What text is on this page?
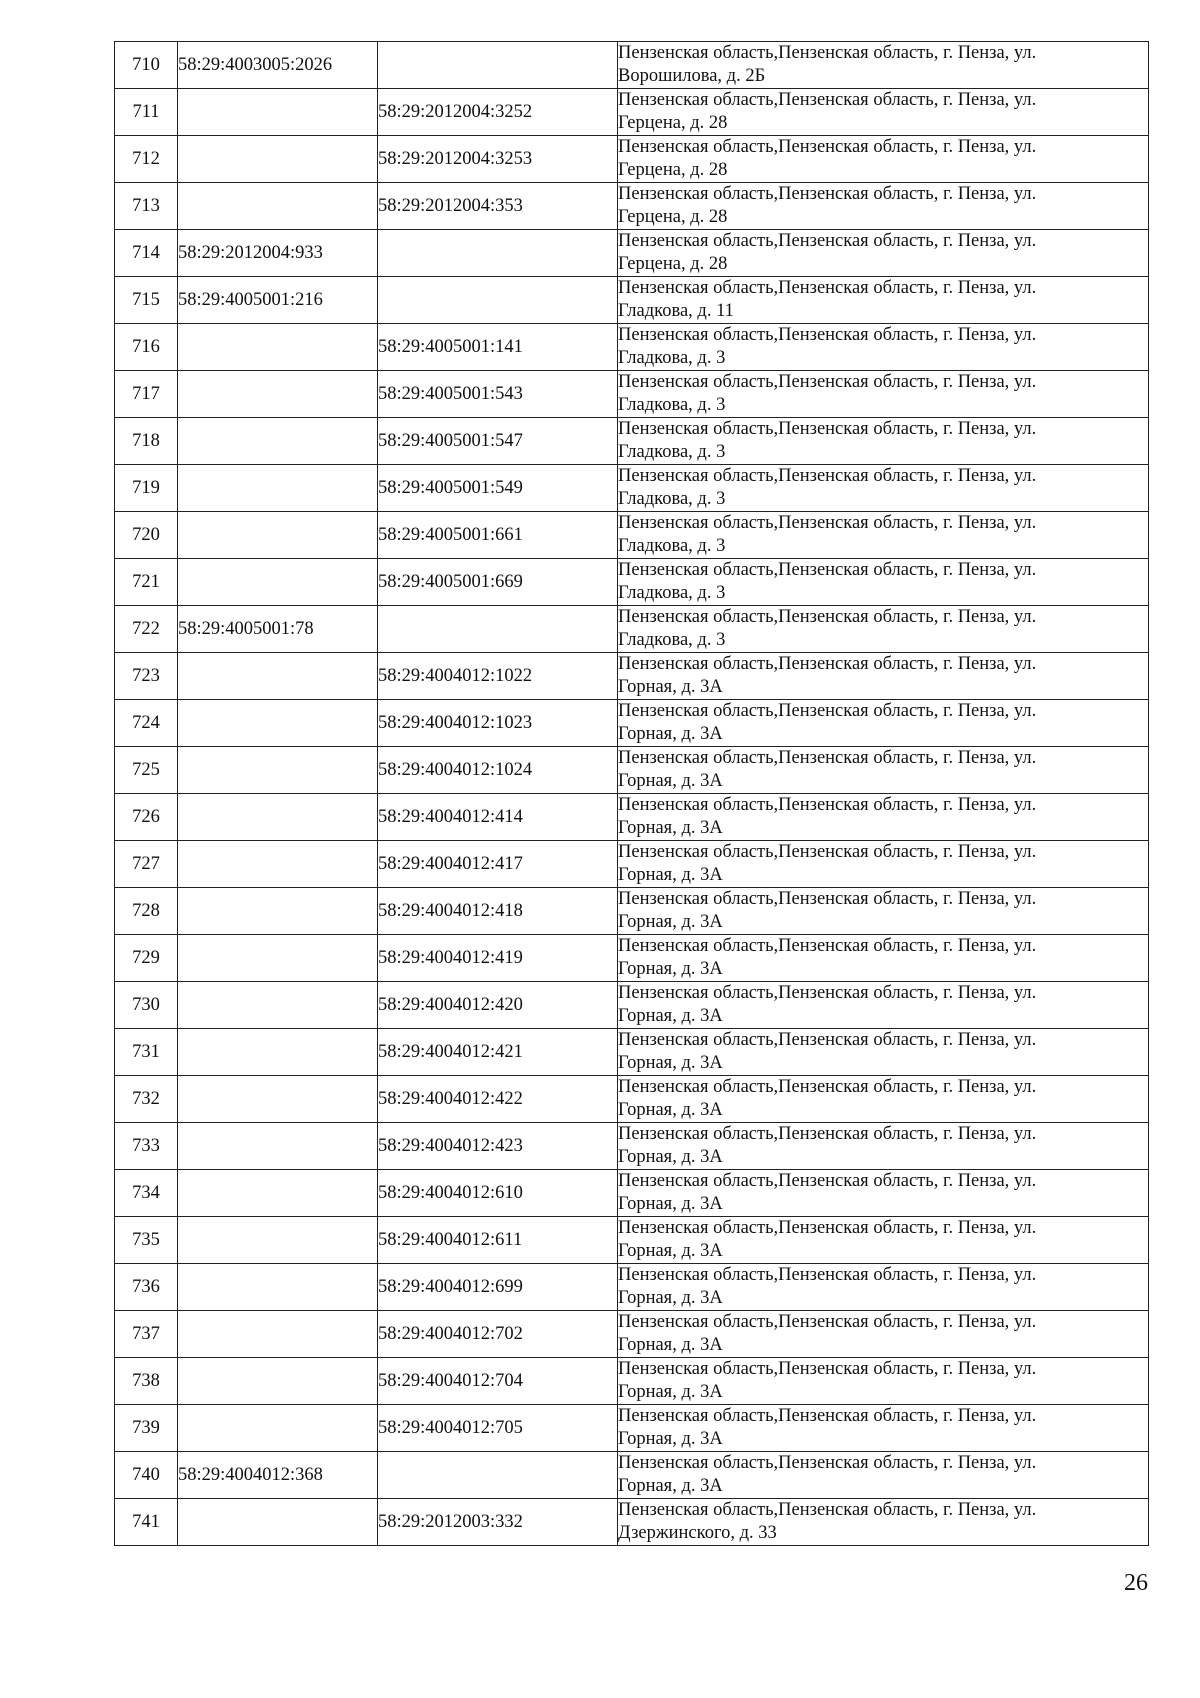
710	58:29:4003005:2026		Пензенская область,Пензенская область, г. Пенза, ул.
Ворошилова, д. 2Б

711		58:29:2012004:3252	Пензенская область,Пензенская область, г. Пенза, ул.
Герцена, д. 28

712		58:29:2012004:3253	Пензенская область,Пензенская область, г. Пенза, ул.
Герцена, д. 28

713		58:29:2012004:353	Пензенская область,Пензенская область, г. Пенза, ул.
Герцена, д. 28

714	58:29:2012004:933		Пензенская область,Пензенская область, г. Пенза, ул.
Герцена, д. 28

715	58:29:4005001:216		Пензенская область,Пензенская область, г. Пенза, ул.
Гладкова, д. 11

716		58:29:4005001:141	Пензенская область,Пензенская область, г. Пенза, ул.
Гладкова, д. 3

717		58:29:4005001:543	Пензенская область,Пензенская область, г. Пенза, ул.
Гладкова, д. 3

718		58:29:4005001:547	Пензенская область,Пензенская область, г. Пенза, ул.
Гладкова, д. 3

719		58:29:4005001:549	Пензенская область,Пензенская область, г. Пенза, ул.
Гладкова, д. 3

720		58:29:4005001:661	Пензенская область,Пензенская область, г. Пенза, ул.
Гладкова, д. 3

721		58:29:4005001:669	Пензенская область,Пензенская область, г. Пенза, ул.
Гладкова, д. 3

722	58:29:4005001:78		Пензенская область,Пензенская область, г. Пенза, ул.
Гладкова, д. 3

723		58:29:4004012:1022	Пензенская область,Пензенская область, г. Пенза, ул.
Горная, д. 3А

724		58:29:4004012:1023	Пензенская область,Пензенская область, г. Пенза, ул.
Горная, д. 3А

725		58:29:4004012:1024	Пензенская область,Пензенская область, г. Пенза, ул.
Горная, д. 3А

726		58:29:4004012:414	Пензенская область,Пензенская область, г. Пенза, ул.
Горная, д. 3А

727		58:29:4004012:417	Пензенская область,Пензенская область, г. Пенза, ул.
Горная, д. 3А

728		58:29:4004012:418	Пензенская область,Пензенская область, г. Пенза, ул.
Горная, д. 3А

729		58:29:4004012:419	Пензенская область,Пензенская область, г. Пенза, ул.
Горная, д. 3А

730		58:29:4004012:420	Пензенская область,Пензенская область, г. Пенза, ул.
Горная, д. 3А

731		58:29:4004012:421	Пензенская область,Пензенская область, г. Пенза, ул.
Горная, д. 3А

732		58:29:4004012:422	Пензенская область,Пензенская область, г. Пенза, ул.
Горная, д. 3А

733		58:29:4004012:423	Пензенская область,Пензенская область, г. Пенза, ул.
Горная, д. 3А

734		58:29:4004012:610	Пензенская область,Пензенская область, г. Пенза, ул.
Горная, д. 3А

735		58:29:4004012:611	Пензенская область,Пензенская область, г. Пенза, ул.
Горная, д. 3А

736		58:29:4004012:699	Пензенская область,Пензенская область, г. Пенза, ул.
Горная, д. 3А

737		58:29:4004012:702	Пензенская область,Пензенская область, г. Пенза, ул.
Горная, д. 3А

738		58:29:4004012:704	Пензенская область,Пензенская область, г. Пенза, ул.
Горная, д. 3А

739		58:29:4004012:705	Пензенская область,Пензенская область, г. Пенза, ул.
Горная, д. 3А

740	58:29:4004012:368		Пензенская область,Пензенская область, г. Пенза, ул.
Горная, д. 3А

741		58:29:2012003:332	Пензенская область,Пензенская область, г. Пенза, ул.
Дзержинского, д. 33
26
